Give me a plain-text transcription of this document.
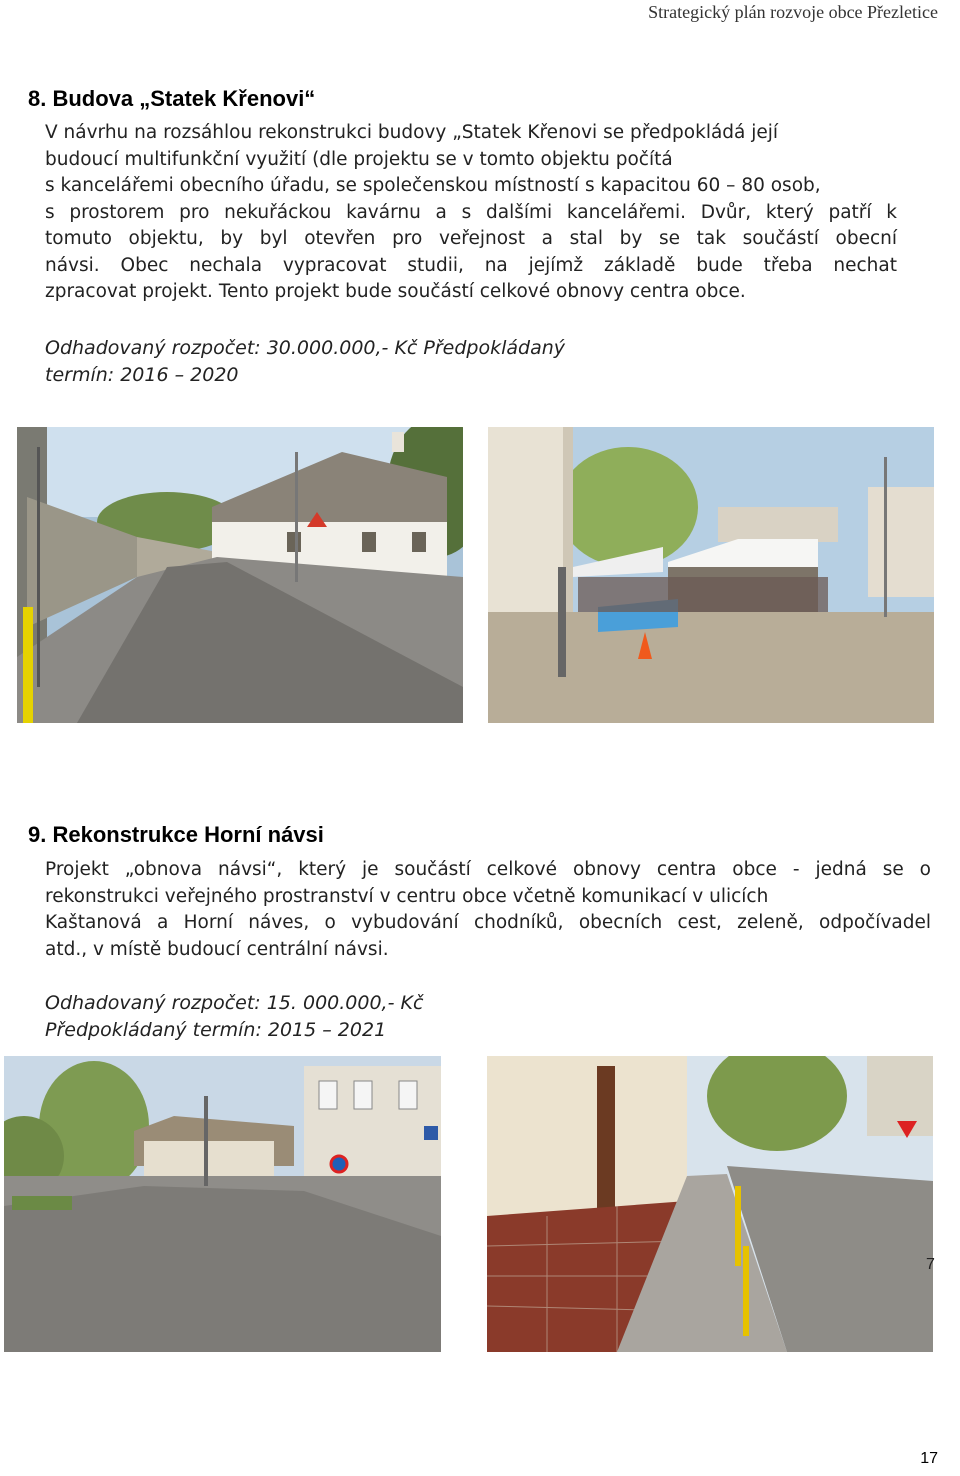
Strategický plán rozvoje obce Přezletice
8. Budova „Statek Křenovi“
V návrhu na rozsáhlou rekonstrukci budovy „Statek Křenovi se předpokládá její
budoucí multifunkční využití (dle projektu se v tomto objektu počítá
s kancelářemi obecního úřadu, se společenskou místností s kapacitou 60 – 80 osob,
s prostorem pro nekuřáckou kavárnu a s dalšími kancelářemi. Dvůr, který patří k
tomuto objektu, by byl otevřen pro veřejnost a stal by se tak součástí obecní
návsi. Obec nechala vypracovat studii, na jejímž základě bude třeba nechat
zpracovat projekt. Tento projekt bude součástí celkové obnovy centra obce.
Odhadovaný rozpočet: 30.000.000,- Kč Předpokládaný
termín: 2016 – 2020
9. Rekonstrukce Horní návsi
Projekt „obnova návsi“, který je součástí celkové obnovy centra obce - jedná se o
rekonstrukci veřejného prostranství v centru obce včetně komunikací v ulicích
Kaštanová a Horní náves, o vybudování chodníků, obecních cest, zeleně, odpočívadel
atd., v místě budoucí centrální návsi.
Odhadovaný rozpočet: 15. 000.000,- Kč
Předpokládaný termín: 2015 – 2021
7
17
